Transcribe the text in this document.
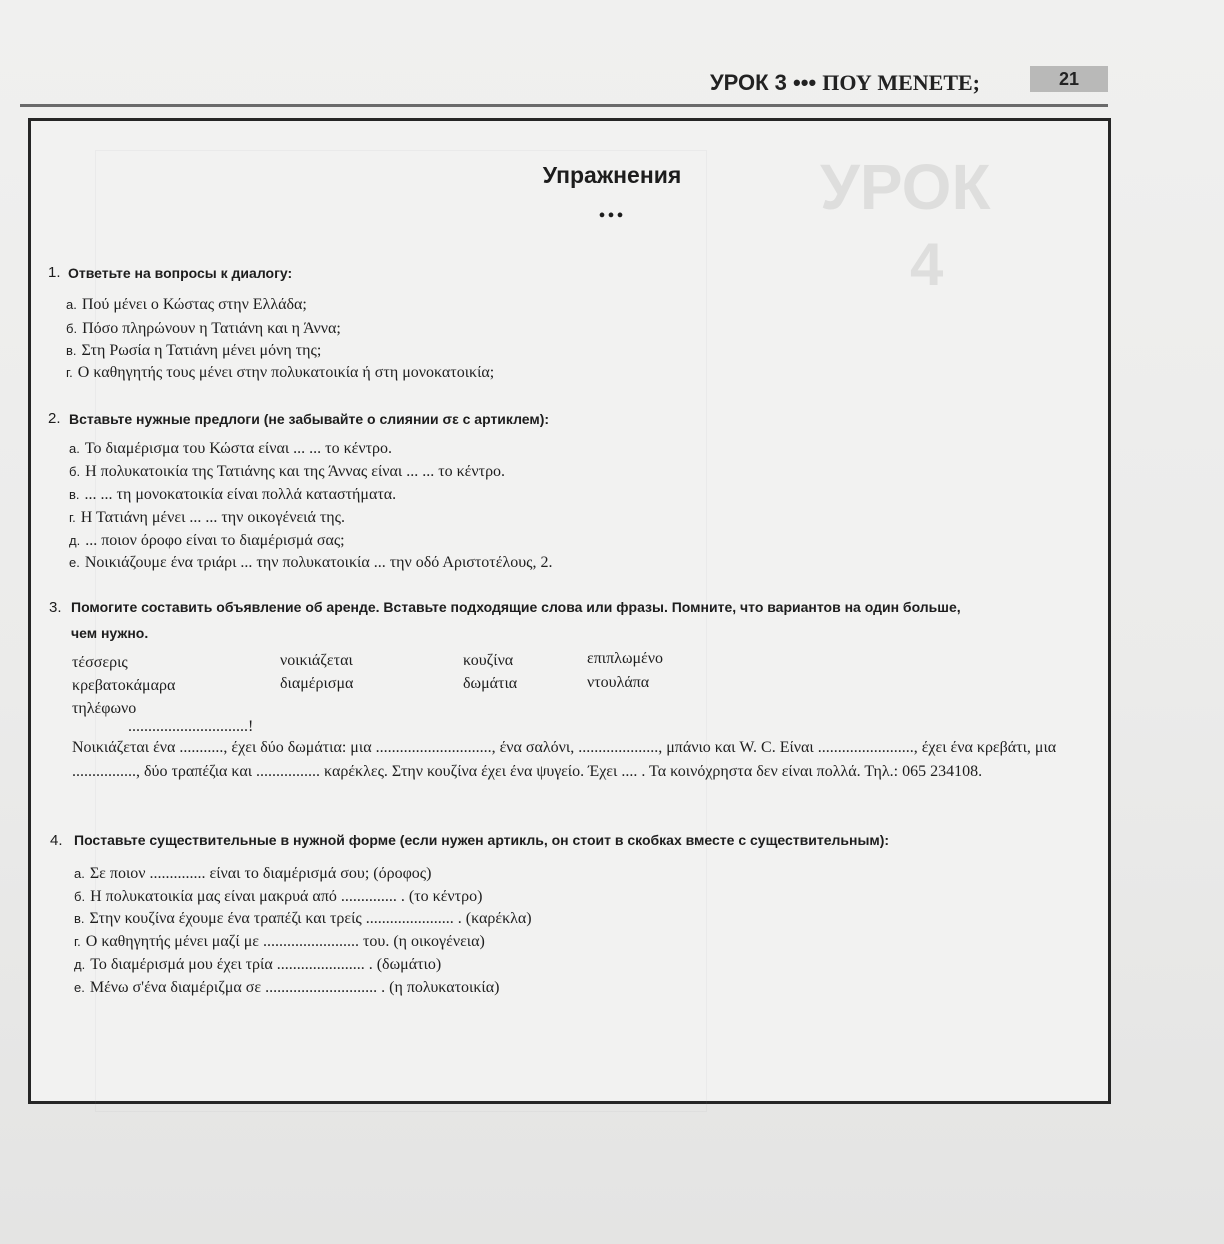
УРОК 3 ••• ΠΟΥ ΜΕΝΕΤΕ;	21
Упражнения
•••
1. Ответьте на вопросы к диалогу:
а. Πού μένει ο Κώστας στην Ελλάδα;
б. Πόσο πληρώνουν η Τατιάνη και η Άννα;
в. Στη Ρωσία η Τατιάνη μένει μόνη της;
г. Ο καθηγητής τους μένει στην πολυκατοικία ή στη μονοκατοικία;
2. Вставьте нужные предлоги (не забывайте о слиянии σε с артиклем):
а. Το διαμέρισμα του Κώστα είναι ... ... το κέντρο.
б. Η πολυκατοικία της Τατιάνης και της Άννας είναι ... ... το κέντρο.
в. ... ... τη μονοκατοικία είναι πολλά καταστήματα.
г. Η Τατιάνη μένει ... ... την οικογένειά της.
д. ... ποιον όροφο είναι το διαμέρισμά σας;
е. Νοικιάζουμε ένα τριάρι ... την πολυκατοικία ... την οδό Αριστοτέλους, 2.
3. Помогите составить объявление об аренде. Вставьте подходящие слова или фразы. Помните, что вариантов на один больше,
чем нужно.
τέσσερις	νοικιάζεται	κουζίνα	επιπλωμένο
κρεβατοκάμαρα	διαμέρισμα	δωμάτια	ντουλάπα
τηλέφωνο
..............................!
Νοικιάζεται ένα ..........., έχει δύο δωμάτια: μια ............................., ένα σαλόνι, ...................., μπάνιο και W. C. Είναι ........................, έχει ένα κρεβάτι, μια ................, δύο τραπέζια και ................ καρέκλες. Στην κουζίνα έχει ένα ψυγείο. Έχει .... . Τα κοινόχρηστα δεν είναι πολλά. Τηλ.: 065 234108.
4. Поставьте существительные в нужной форме (если нужен артикль, он стоит в скобках вместе с существительным):
а. Σε ποιον .............. είναι το διαμέρισμά σου; (όροφος)
б. Η πολυκατοικία μας είναι μακρυά από .............. . (το κέντρο)
в. Στην κουζίνα έχουμε ένα τραπέζι και τρείς ...................... . (καρέκλα)
г. Ο καθηγητής μένει μαζί με ........................ του. (η οικογένεια)
д. Το διαμέρισμά μου έχει τρία ...................... . (δωμάτιο)
е. Μένω σ'ένα διαμέριζμα σε ............................ . (η πολυκατοικία)
